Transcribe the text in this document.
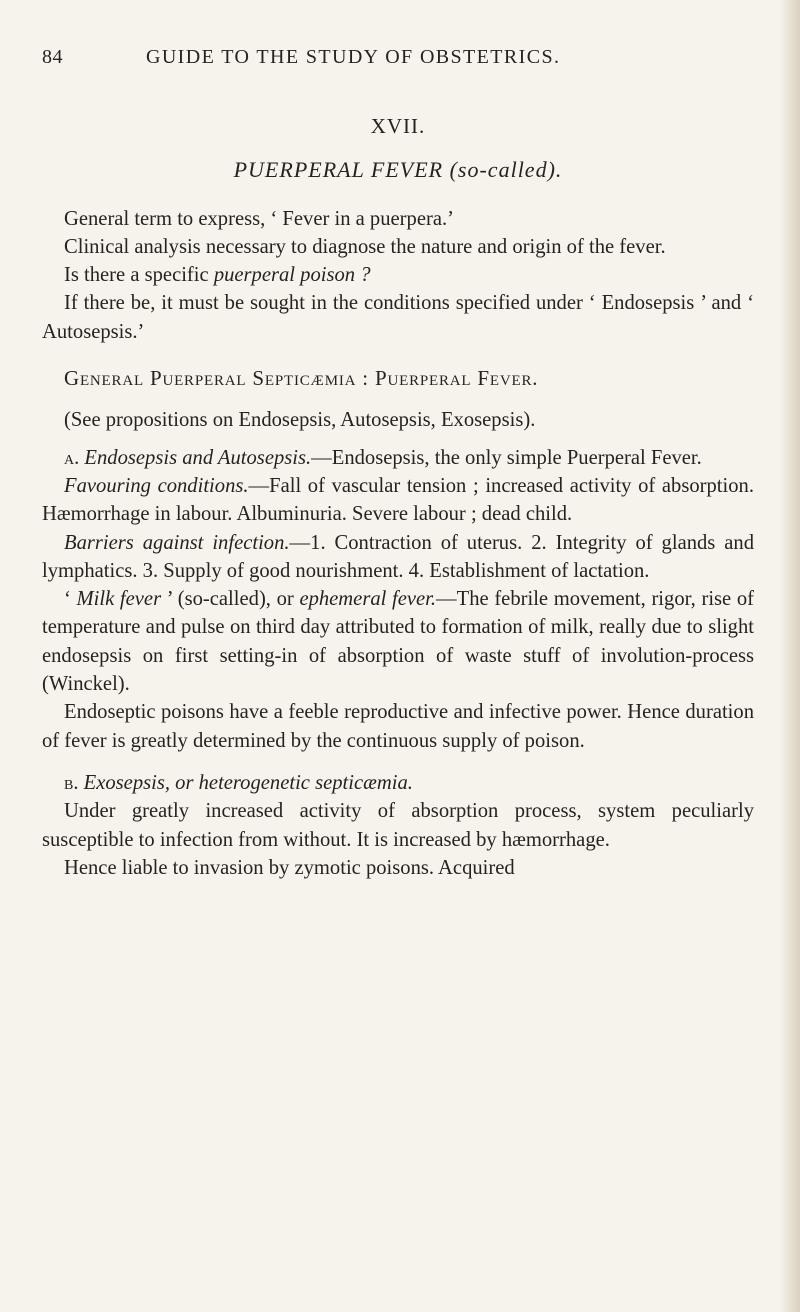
84	GUIDE TO THE STUDY OF OBSTETRICS.
XVII.
PUERPERAL FEVER (so-called).

General term to express, ‘ Fever in a puerpera.’

Clinical analysis necessary to diagnose the nature and origin of the fever.

Is there a specific puerperal poison ?

If there be, it must be sought in the conditions specified under ‘ Endosepsis ’ and ‘ Autosepsis.’

General Puerperal Septicæmia : Puerperal Fever.

(See propositions on Endosepsis, Autosepsis, Exosepsis).

a. Endosepsis and Autosepsis.—Endosepsis, the only simple Puerperal Fever.

Favouring conditions.—Fall of vascular tension ; increased activity of absorption. Hæmorrhage in labour. Albuminuria. Severe labour ; dead child.

Barriers against infection.—1. Contraction of uterus. 2. Integrity of glands and lymphatics. 3. Supply of good nourishment. 4. Establishment of lactation.

‘ Milk fever ’ (so-called), or ephemeral fever.—The febrile movement, rigor, rise of temperature and pulse on third day attributed to formation of milk, really due to slight endosepsis on first setting-in of absorption of waste stuff of involution-process (Winckel).

Endoseptic poisons have a feeble reproductive and infective power. Hence duration of fever is greatly determined by the continuous supply of poison.

b. Exosepsis, or heterogenetic septicæmia.

Under greatly increased activity of absorption process, system peculiarly susceptible to infection from without. It is increased by hæmorrhage.

Hence liable to invasion by zymotic poisons. Acquired
